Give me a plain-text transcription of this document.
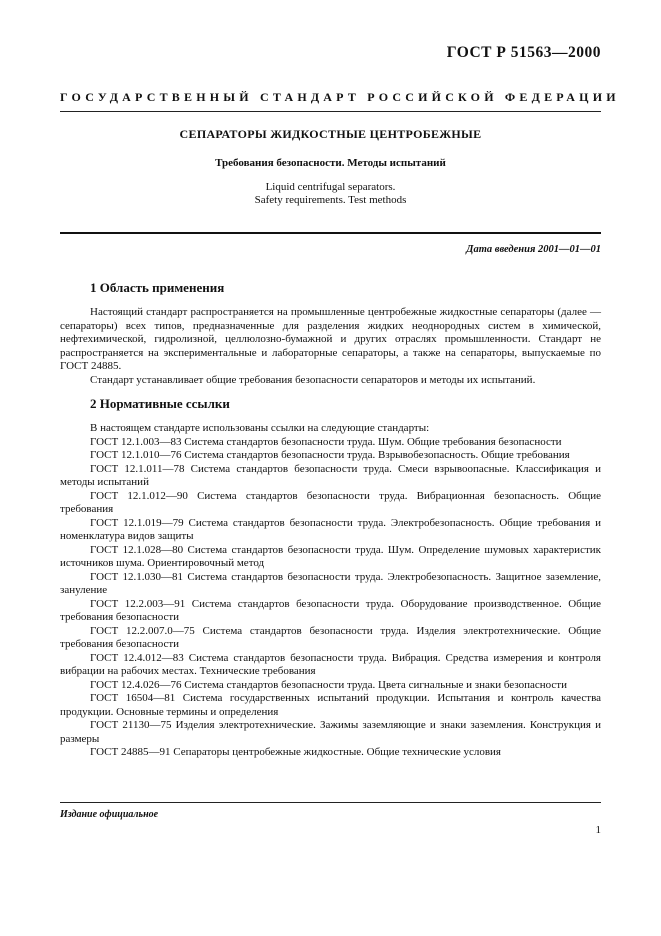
ГОСТ Р 51563—2000

ГОСУДАРСТВЕННЫЙ СТАНДАРТ РОССИЙСКОЙ ФЕДЕРАЦИИ

СЕПАРАТОРЫ ЖИДКОСТНЫЕ ЦЕНТРОБЕЖНЫЕ

Требования безопасности. Методы испытаний

Liquid centrifugal separators.
Safety requirements. Test methods

Дата введения 2001—01—01

1 Область применения

Настоящий стандарт распространяется на промышленные центробежные жидкостные сепараторы (далее — сепараторы) всех типов, предназначенные для разделения жидких неоднородных систем в химической, нефтехимической, гидролизной, целлюлозно-бумажной и других отраслях промышленности. Стандарт не распространяется на экспериментальные и лабораторные сепараторы, а также на сепараторы, выпускаемые по ГОСТ 24885.

Стандарт устанавливает общие требования безопасности сепараторов и методы их испытаний.

2 Нормативные ссылки

В настоящем стандарте использованы ссылки на следующие стандарты:

ГОСТ 12.1.003—83 Система стандартов безопасности труда. Шум. Общие требования безопасности

ГОСТ 12.1.010—76 Система стандартов безопасности труда. Взрывобезопасность. Общие требования

ГОСТ 12.1.011—78 Система стандартов безопасности труда. Смеси взрывоопасные. Классификация и методы испытаний

ГОСТ 12.1.012—90 Система стандартов безопасности труда. Вибрационная безопасность. Общие требования

ГОСТ 12.1.019—79 Система стандартов безопасности труда. Электробезопасность. Общие требования и номенклатура видов защиты

ГОСТ 12.1.028—80 Система стандартов безопасности труда. Шум. Определение шумовых характеристик источников шума. Ориентировочный метод

ГОСТ 12.1.030—81 Система стандартов безопасности труда. Электробезопасность. Защитное заземление, зануление

ГОСТ 12.2.003—91 Система стандартов безопасности труда. Оборудование производственное. Общие требования безопасности

ГОСТ 12.2.007.0—75 Система стандартов безопасности труда. Изделия электротехнические. Общие требования безопасности

ГОСТ 12.4.012—83 Система стандартов безопасности труда. Вибрация. Средства измерения и контроля вибрации на рабочих местах. Технические требования

ГОСТ 12.4.026—76 Система стандартов безопасности труда. Цвета сигнальные и знаки безопасности

ГОСТ 16504—81 Система государственных испытаний продукции. Испытания и контроль качества продукции. Основные термины и определения

ГОСТ 21130—75 Изделия электротехнические. Зажимы заземляющие и знаки заземления. Конструкция и размеры

ГОСТ 24885—91 Сепараторы центробежные жидкостные. Общие технические условия

Издание официальное

1
